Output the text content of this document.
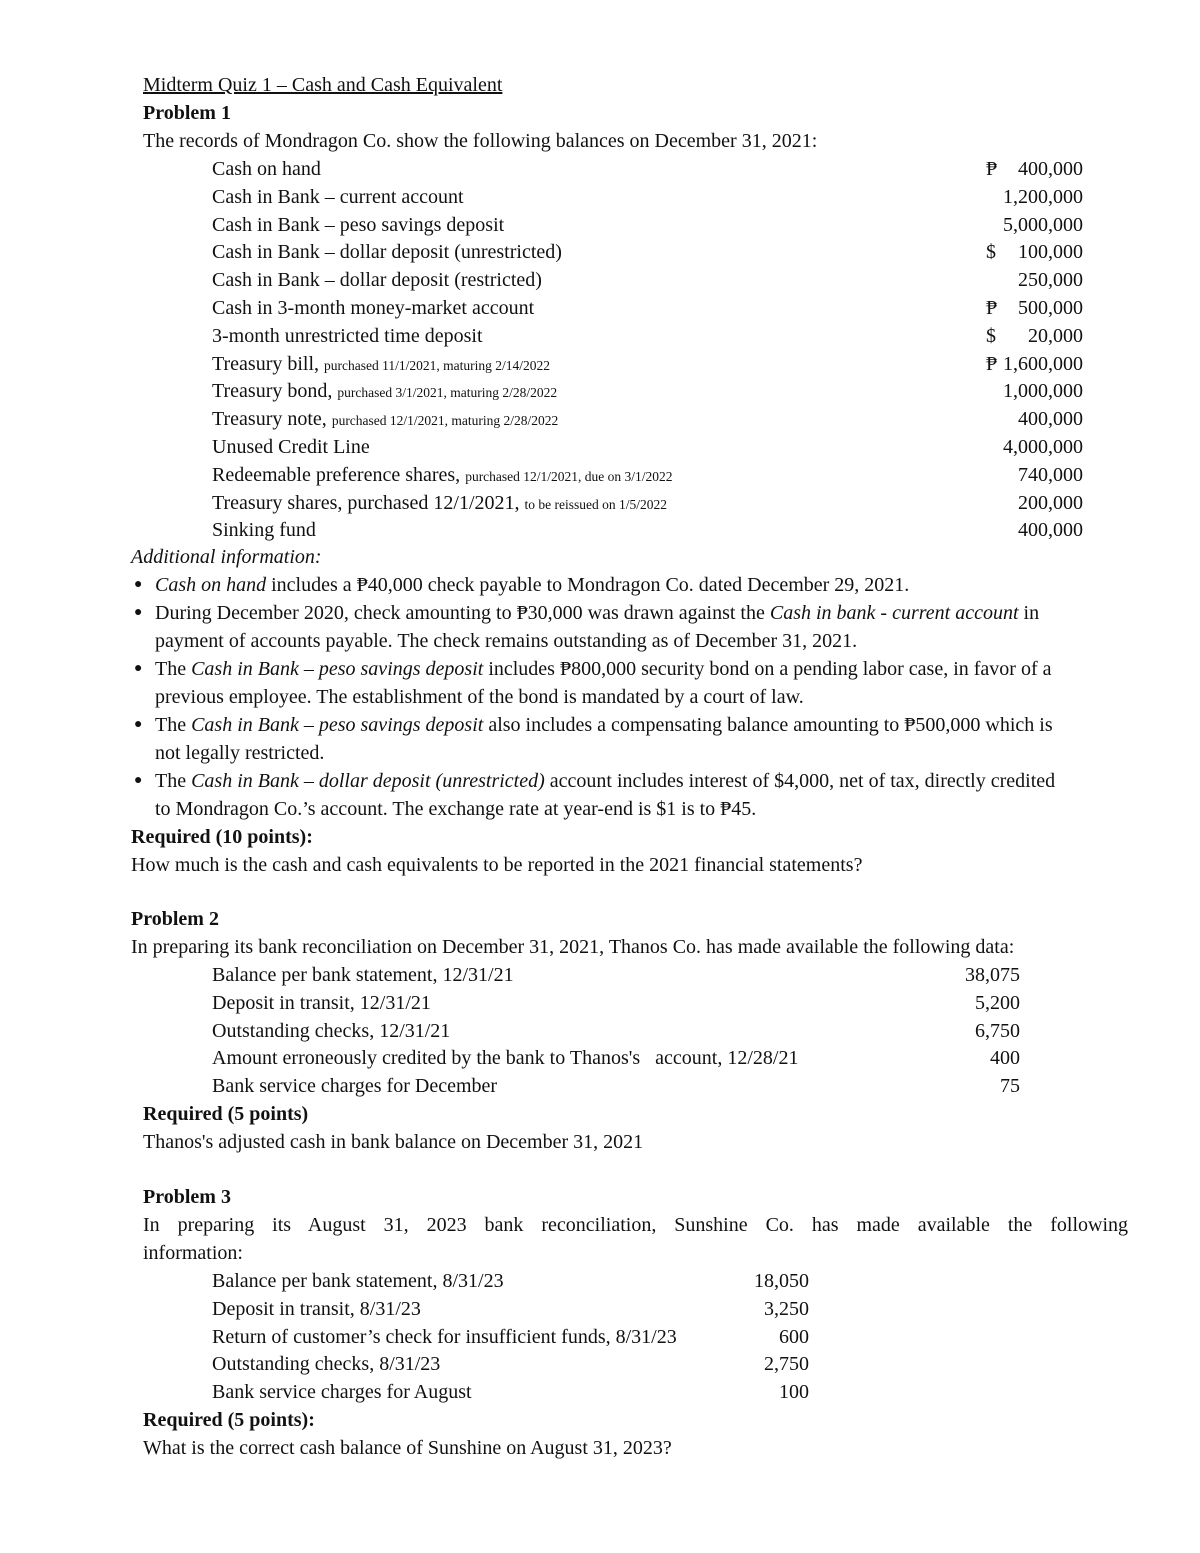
Midterm Quiz 1 – Cash and Cash Equivalent
Problem 1
The records of Mondragon Co. show the following balances on December 31, 2021:
Cash on hand	₱ 400,000
Cash in Bank – current account	1,200,000
Cash in Bank – peso savings deposit	5,000,000
Cash in Bank – dollar deposit (unrestricted)	$ 100,000
Cash in Bank – dollar deposit (restricted)	250,000
Cash in 3-month money-market account	₱ 500,000
3-month unrestricted time deposit	$ 20,000
Treasury bill, purchased 11/1/2021, maturing 2/14/2022	₱ 1,600,000
Treasury bond, purchased 3/1/2021, maturing 2/28/2022	1,000,000
Treasury note, purchased 12/1/2021, maturing 2/28/2022	400,000
Unused Credit Line	4,000,000
Redeemable preference shares, purchased 12/1/2021, due on 3/1/2022	740,000
Treasury shares, purchased 12/1/2021, to be reissued on 1/5/2022	200,000
Sinking fund	400,000
Additional information:
● Cash on hand includes a ₱40,000 check payable to Mondragon Co. dated December 29, 2021.
● During December 2020, check amounting to ₱30,000 was drawn against the Cash in bank - current account in
payment of accounts payable. The check remains outstanding as of December 31, 2021.
● The Cash in Bank – peso savings deposit includes ₱800,000 security bond on a pending labor case, in favor of a
previous employee. The establishment of the bond is mandated by a court of law.
● The Cash in Bank – peso savings deposit also includes a compensating balance amounting to ₱500,000 which is
not legally restricted.
● The Cash in Bank – dollar deposit (unrestricted) account includes interest of $4,000, net of tax, directly credited
to Mondragon Co.’s account. The exchange rate at year-end is $1 is to ₱45.
Required (10 points):
How much is the cash and cash equivalents to be reported in the 2021 financial statements?
Problem 2
In preparing its bank reconciliation on December 31, 2021, Thanos Co. has made available the following data:
Balance per bank statement, 12/31/21	38,075
Deposit in transit, 12/31/21	5,200
Outstanding checks, 12/31/21	6,750
Amount erroneously credited by the bank to Thanos's   account, 12/28/21	400
Bank service charges for December	75
Required (5 points)
Thanos's adjusted cash in bank balance on December 31, 2021
Problem 3
In preparing its August 31, 2023 bank reconciliation, Sunshine Co. has made available the following
information:
Balance per bank statement, 8/31/23	18,050
Deposit in transit, 8/31/23	3,250
Return of customer’s check for insufficient funds, 8/31/23	600
Outstanding checks, 8/31/23	2,750
Bank service charges for August	100
Required (5 points):
What is the correct cash balance of Sunshine on August 31, 2023?
